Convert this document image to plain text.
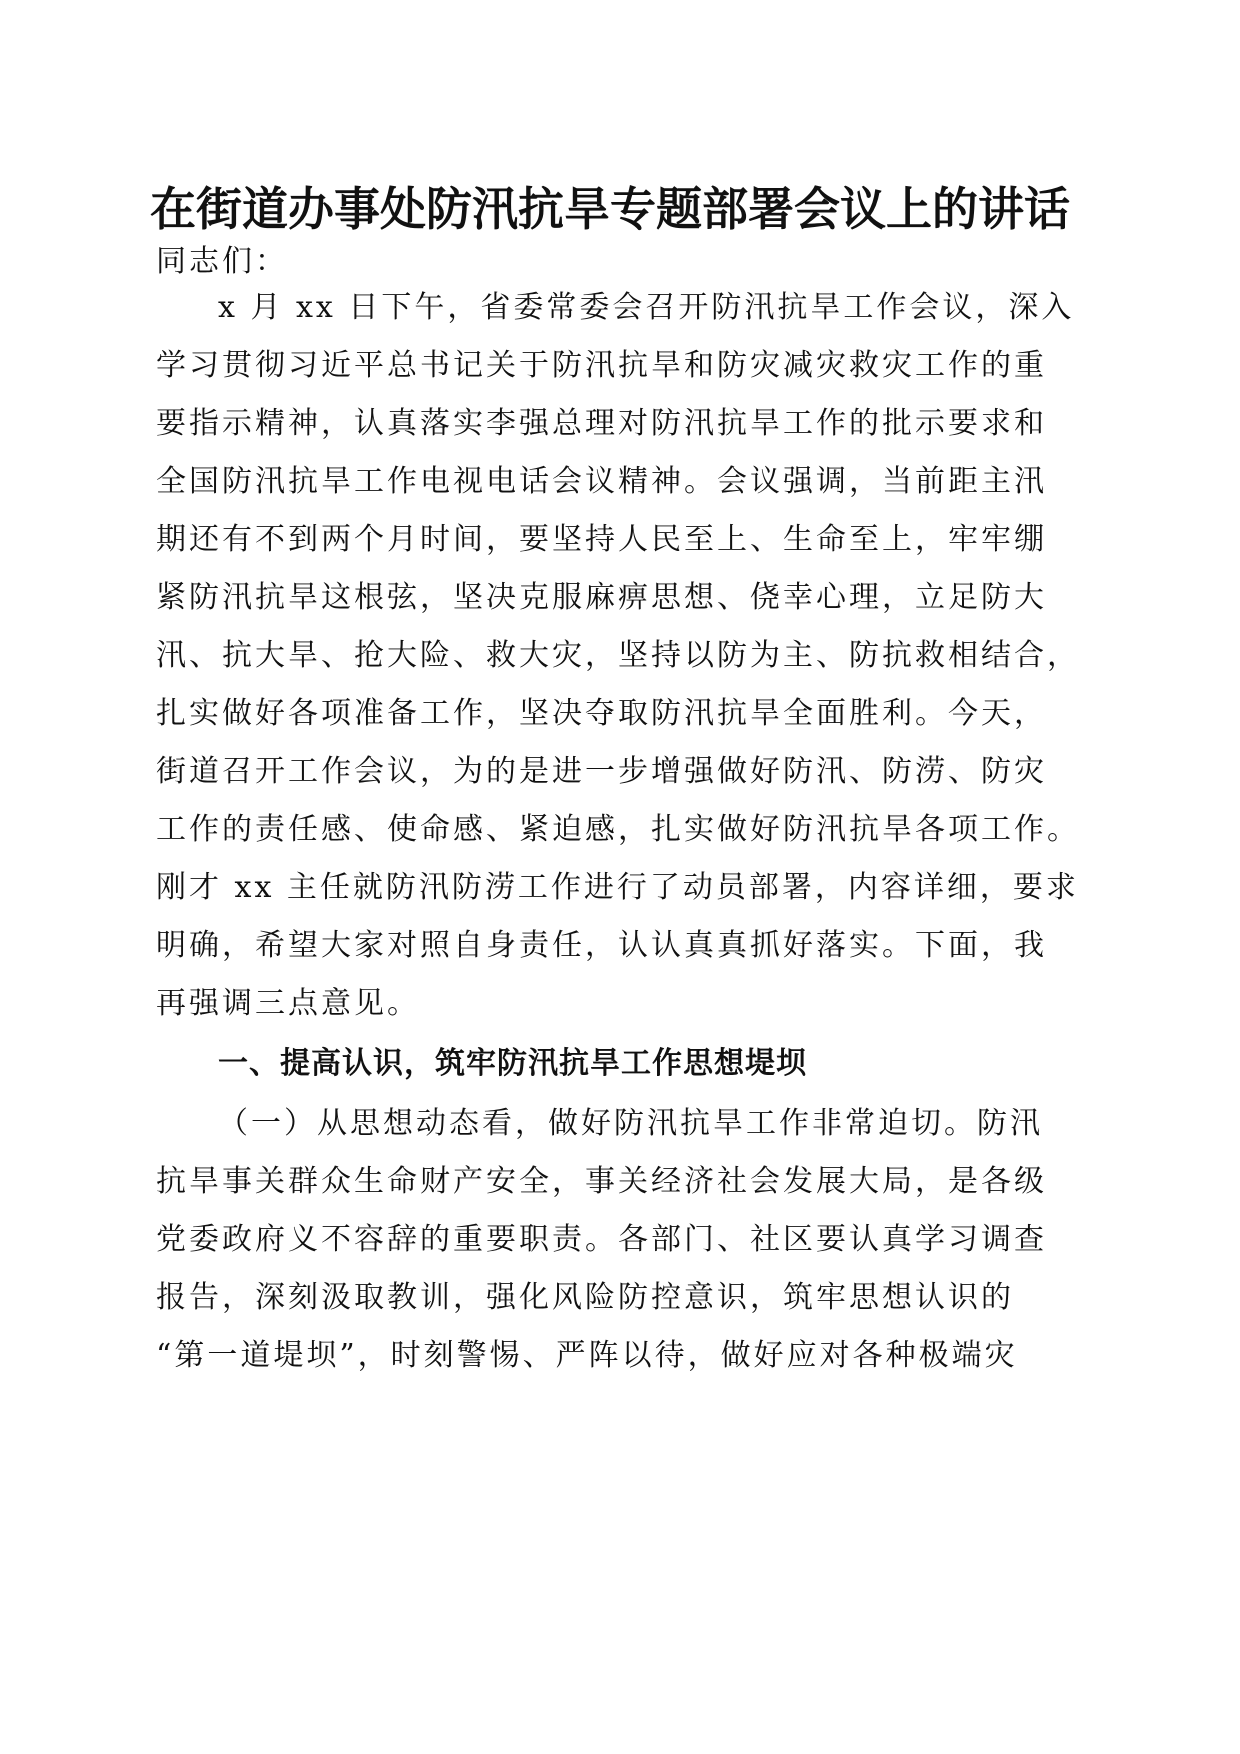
在街道办事处防汛抗旱专题部署会议上的讲话

同志们：

x 月 xx 日下午，省委常委会召开防汛抗旱工作会议，深入

学习贯彻习近平总书记关于防汛抗旱和防灾减灾救灾工作的重

要指示精神，认真落实李强总理对防汛抗旱工作的批示要求和

全国防汛抗旱工作电视电话会议精神。会议强调，当前距主汛

期还有不到两个月时间，要坚持人民至上、生命至上，牢牢绷

紧防汛抗旱这根弦，坚决克服麻痹思想、侥幸心理，立足防大

汛、抗大旱、抢大险、救大灾，坚持以防为主、防抗救相结合，

扎实做好各项准备工作，坚决夺取防汛抗旱全面胜利。今天，

街道召开工作会议，为的是进一步增强做好防汛、防涝、防灾

工作的责任感、使命感、紧迫感，扎实做好防汛抗旱各项工作。

刚才 xx 主任就防汛防涝工作进行了动员部署，内容详细，要求

明确，希望大家对照自身责任，认认真真抓好落实。下面，我

再强调三点意见。

一、提高认识，筑牢防汛抗旱工作思想堤坝

（一）从思想动态看，做好防汛抗旱工作非常迫切。防汛

抗旱事关群众生命财产安全，事关经济社会发展大局，是各级

党委政府义不容辞的重要职责。各部门、社区要认真学习调查

报告，深刻汲取教训，强化风险防控意识，筑牢思想认识的

“第一道堤坝”，时刻警惕、严阵以待，做好应对各种极端灾
